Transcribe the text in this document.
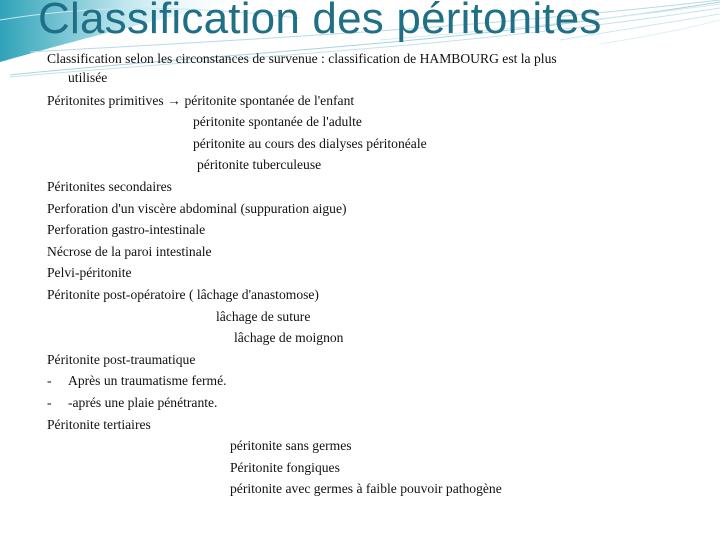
Classification des péritonites
Classification selon les circonstances de survenue : classification de HAMBOURG est la plus
utilisée
Péritonites primitives → péritonite spontanée de l'enfant
péritonite spontanée de l'adulte
péritonite au cours des dialyses péritonéale
péritonite tuberculeuse
Péritonites secondaires
Perforation d'un viscère abdominal (suppuration aigue)
Perforation gastro-intestinale
Nécrose de la paroi intestinale
Pelvi-péritonite
Péritonite post-opératoire ( lâchage d'anastomose)
lâchage de suture
lâchage de moignon
Péritonite post-traumatique
- Après un traumatisme fermé.
- -aprés une plaie pénétrante.
Péritonite tertiaires
péritonite sans germes
Péritonite fongiques
péritonite avec germes à faible pouvoir pathogène
